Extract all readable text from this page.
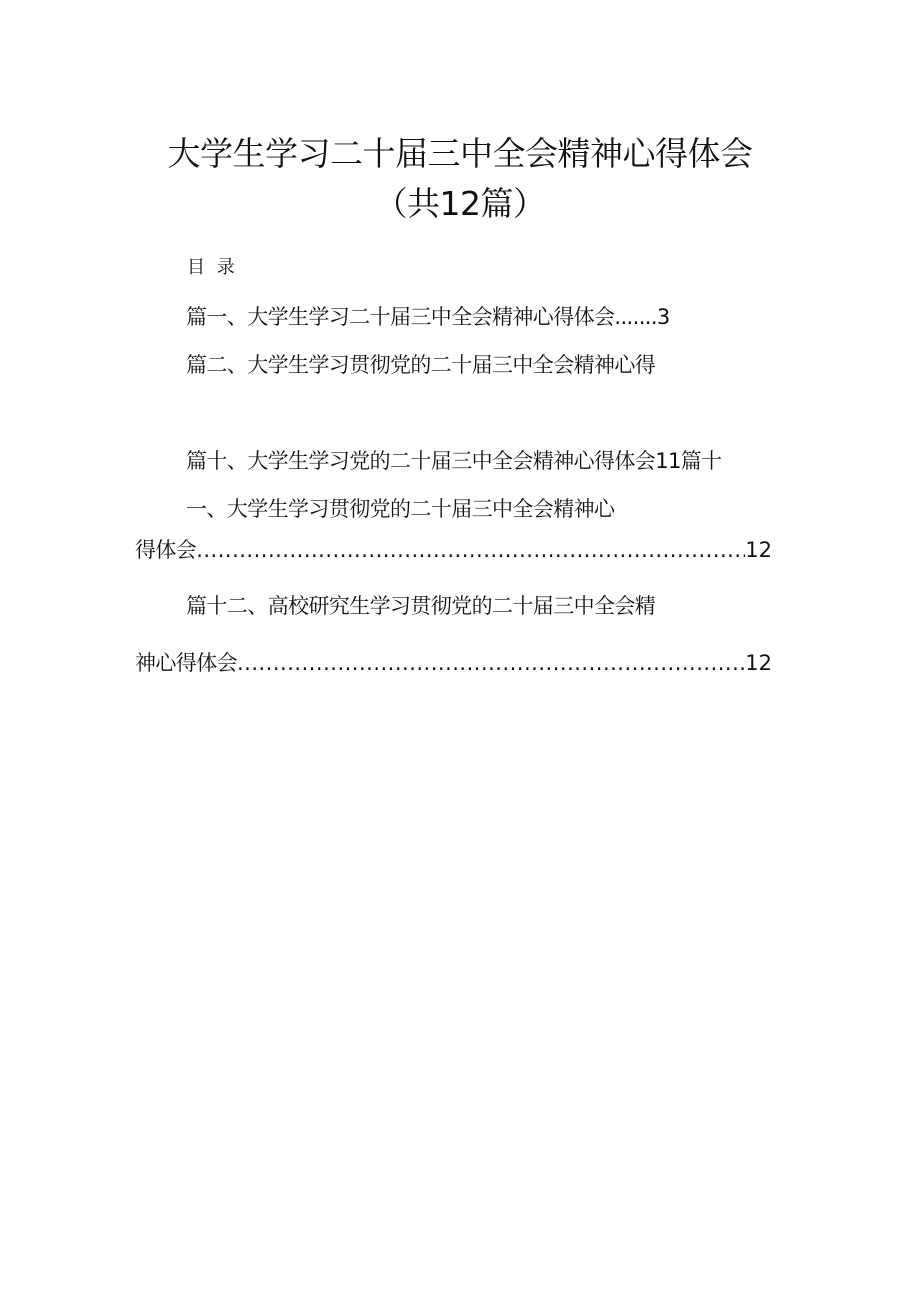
大学生学习二十届三中全会精神心得体会
（共12篇）
目 录
篇一、大学生学习二十届三中全会精神心得体会.......3
篇二、大学生学习贯彻党的二十届三中全会精神心得
篇十、大学生学习党的二十届三中全会精神心得体会11篇十
一、大学生学习贯彻党的二十届三中全会精神心
得体会 .....	12
篇十二、高校研究生学习贯彻党的二十届三中全会精
神心得体会 .....	12
